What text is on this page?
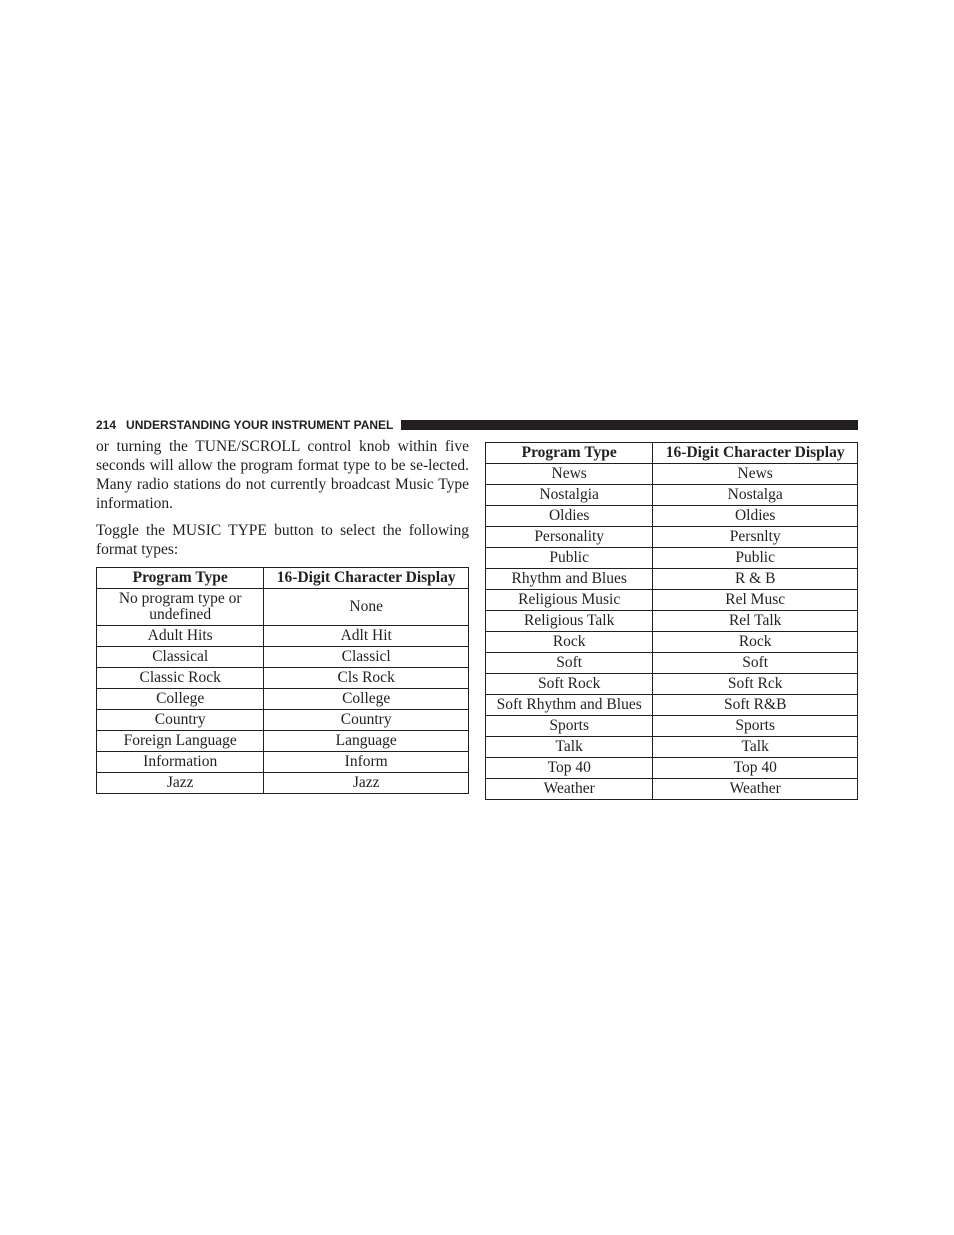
214 UNDERSTANDING YOUR INSTRUMENT PANEL

or turning the TUNE/SCROLL control knob within five seconds will allow the program format type to be se-lected. Many radio stations do not currently broadcast Music Type information.

Toggle the MUSIC TYPE button to select the following format types:

Program Type	16-Digit Character Display
No program type or undefined	None
Adult Hits	Adlt Hit
Classical	Classicl
Classic Rock	Cls Rock
College	College
Country	Country
Foreign Language	Language
Information	Inform
Jazz	Jazz
Program Type	16-Digit Character Display
News	News
Nostalgia	Nostalga
Oldies	Oldies
Personality	Persnlty
Public	Public
Rhythm and Blues	R & B
Religious Music	Rel Musc
Religious Talk	Rel Talk
Rock	Rock
Soft	Soft
Soft Rock	Soft Rck
Soft Rhythm and Blues	Soft R&B
Sports	Sports
Talk	Talk
Top 40	Top 40
Weather	Weather
